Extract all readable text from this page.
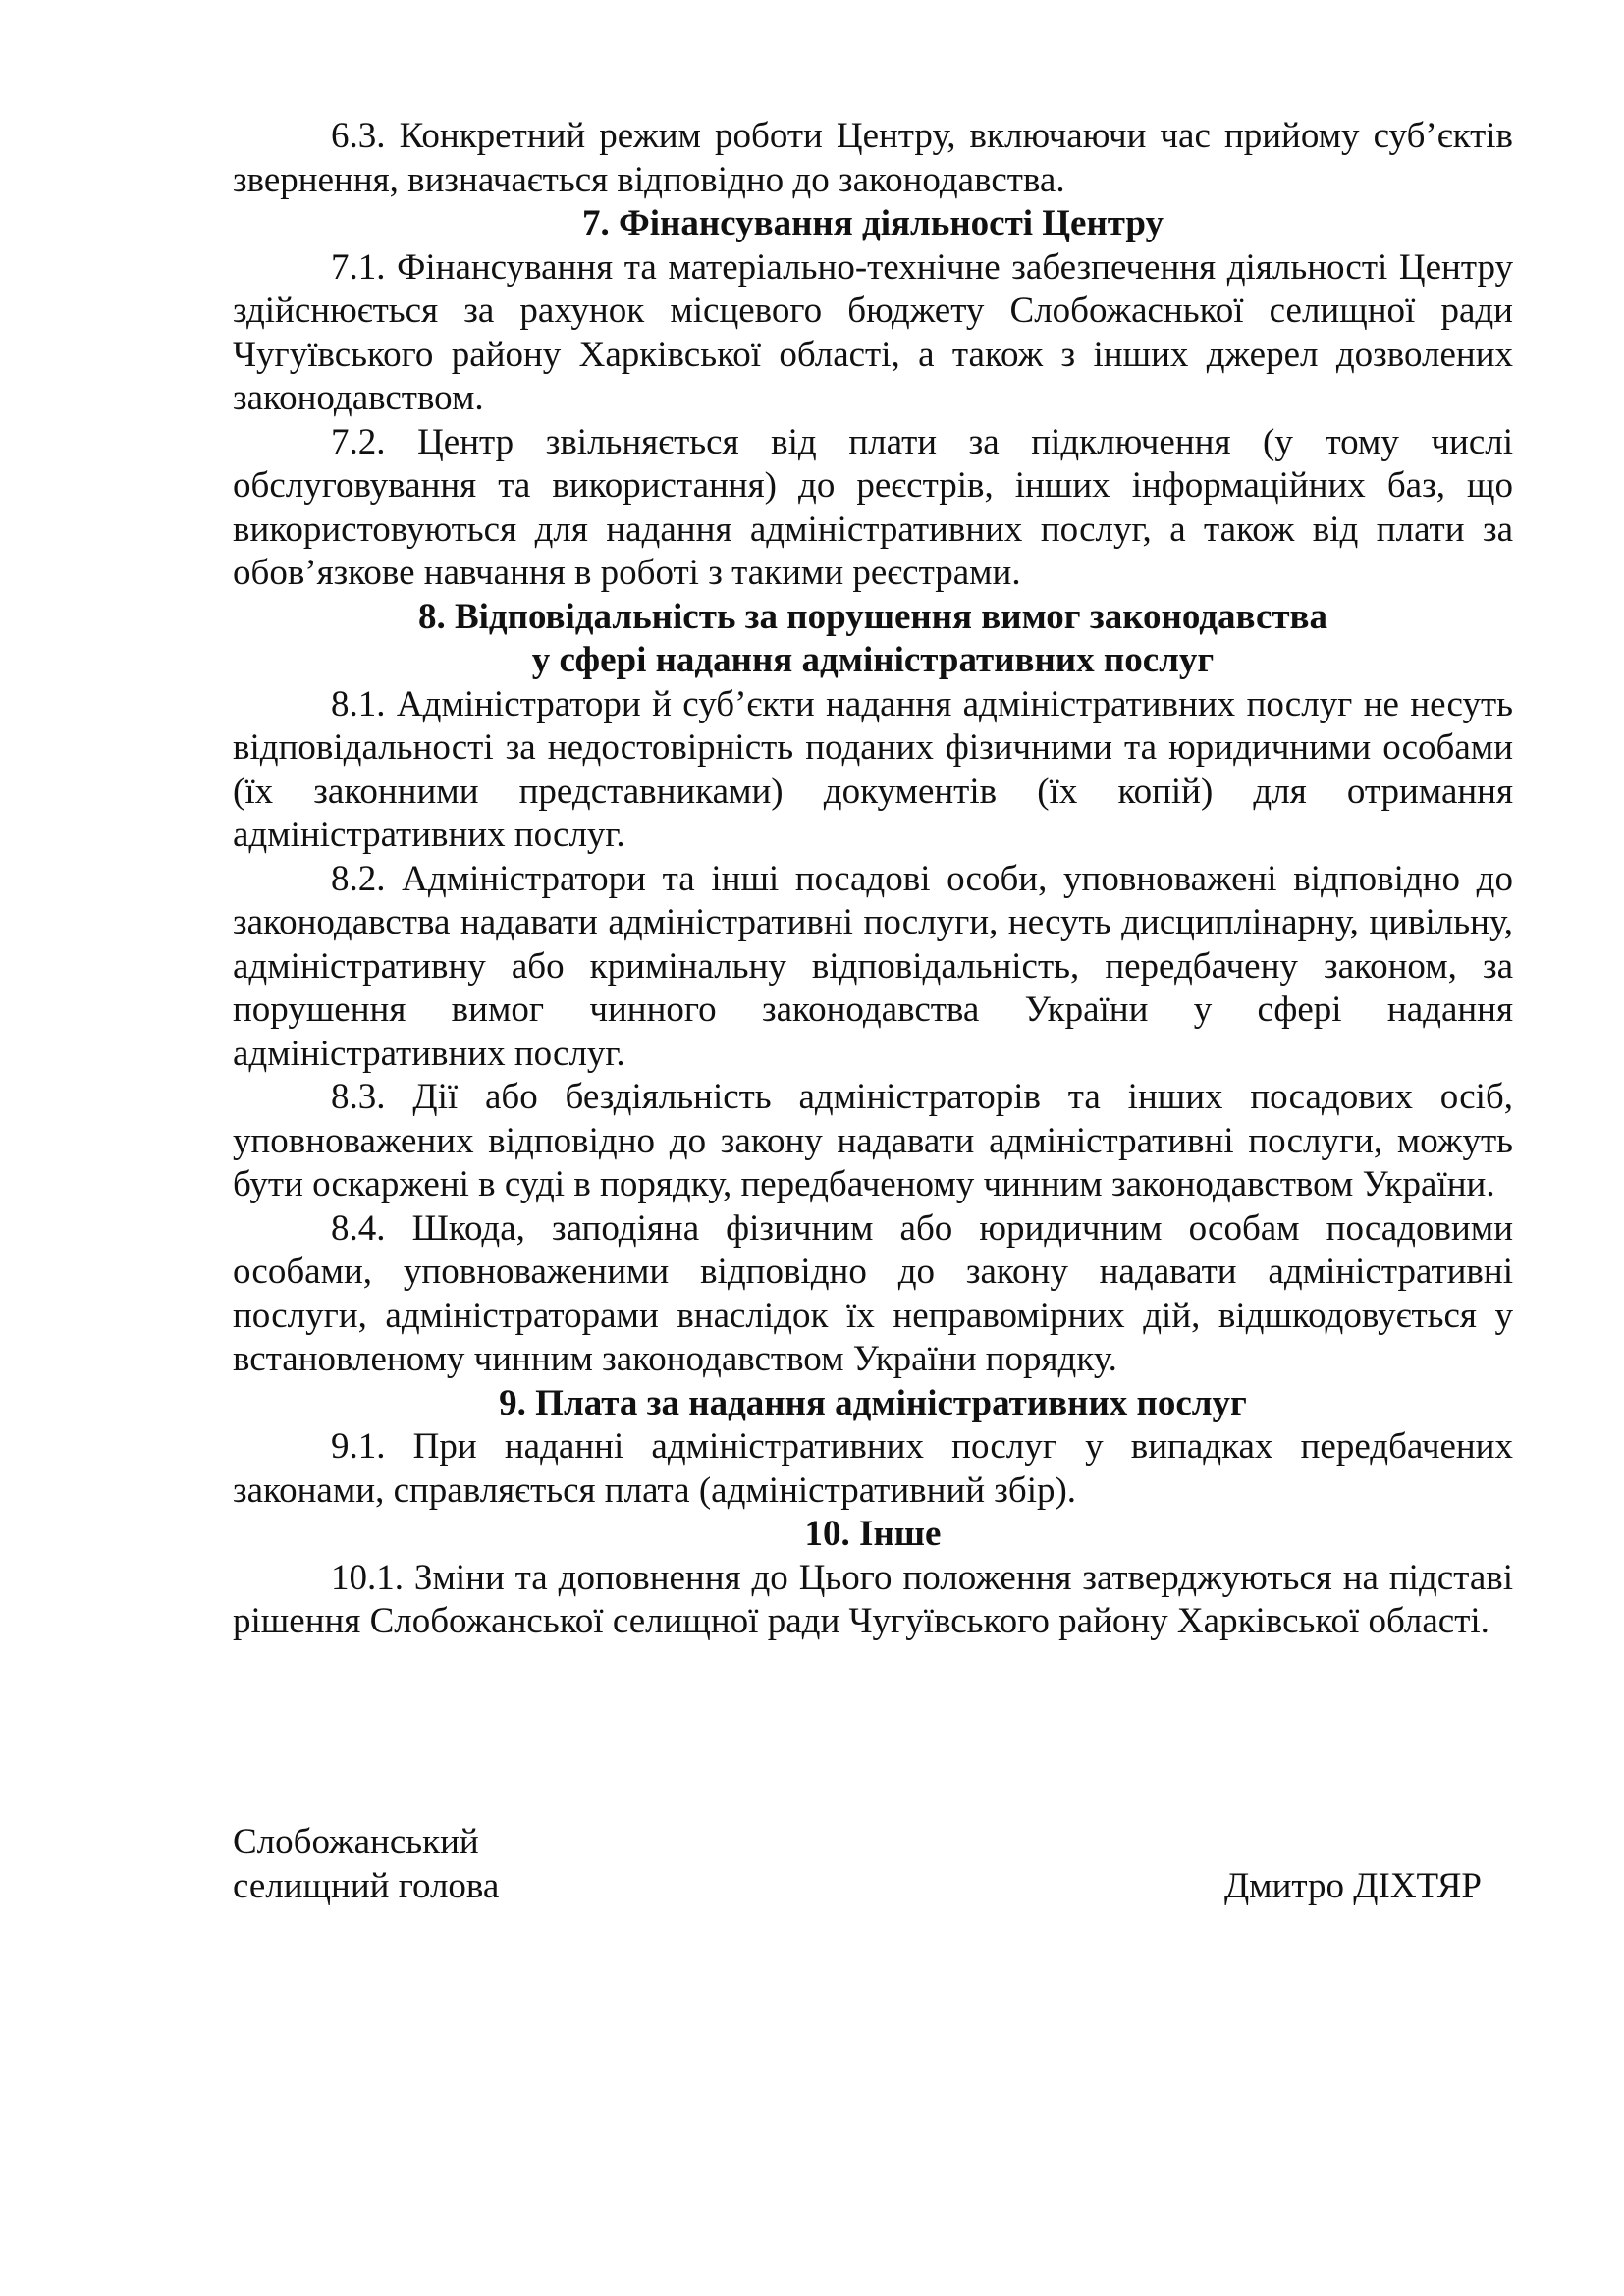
6.3. Конкретний режим роботи Центру, включаючи час прийому суб’єктів звернення, визначається відповідно до законодавства.

7. Фінансування діяльності Центру

7.1. Фінансування та матеріально-технічне забезпечення діяльності Центру здійснюється за рахунок місцевого бюджету Слобожаснької селищної ради Чугуївського району Харківської області, а також з інших джерел дозволених законодавством.

7.2. Центр звільняється від плати за підключення (у тому числі обслуговування та використання) до реєстрів, інших інформаційних баз, що використовуються для надання адміністративних послуг, а також від плати за обов’язкове навчання в роботі з такими реєстрами.

8. Відповідальність за порушення вимог законодавства
у сфері надання адміністративних послуг

8.1. Адміністратори й суб’єкти надання адміністративних послуг не несуть відповідальності за недостовірність поданих фізичними та юридичними особами (їх законними представниками) документів (їх копій) для отримання адміністративних послуг.

8.2. Адміністратори та інші посадові особи, уповноважені відповідно до законодавства надавати адміністративні послуги, несуть дисциплінарну, цивільну, адміністративну або кримінальну відповідальність, передбачену законом, за порушення вимог чинного законодавства України у сфері надання адміністративних послуг.

8.3. Дії або бездіяльність адміністраторів та інших посадових осіб, уповноважених відповідно до закону надавати адміністративні послуги, можуть бути оскаржені в суді в порядку, передбаченому чинним законодавством України.

8.4. Шкода, заподіяна фізичним або юридичним особам посадовими особами, уповноваженими відповідно до закону надавати адміністративні послуги, адміністраторами внаслідок їх неправомірних дій, відшкодовується у встановленому чинним законодавством України порядку.

9. Плата за надання адміністративних послуг

9.1. При наданні адміністративних послуг у випадках передбачених законами, справляється плата (адміністративний збір).

10. Інше

10.1. Зміни та доповнення до Цього положення затверджуються на підставі рішення Слобожанської селищної ради Чугуївського району Харківської області.

Слобожанський
селищний голова	Дмитро ДІХТЯР
